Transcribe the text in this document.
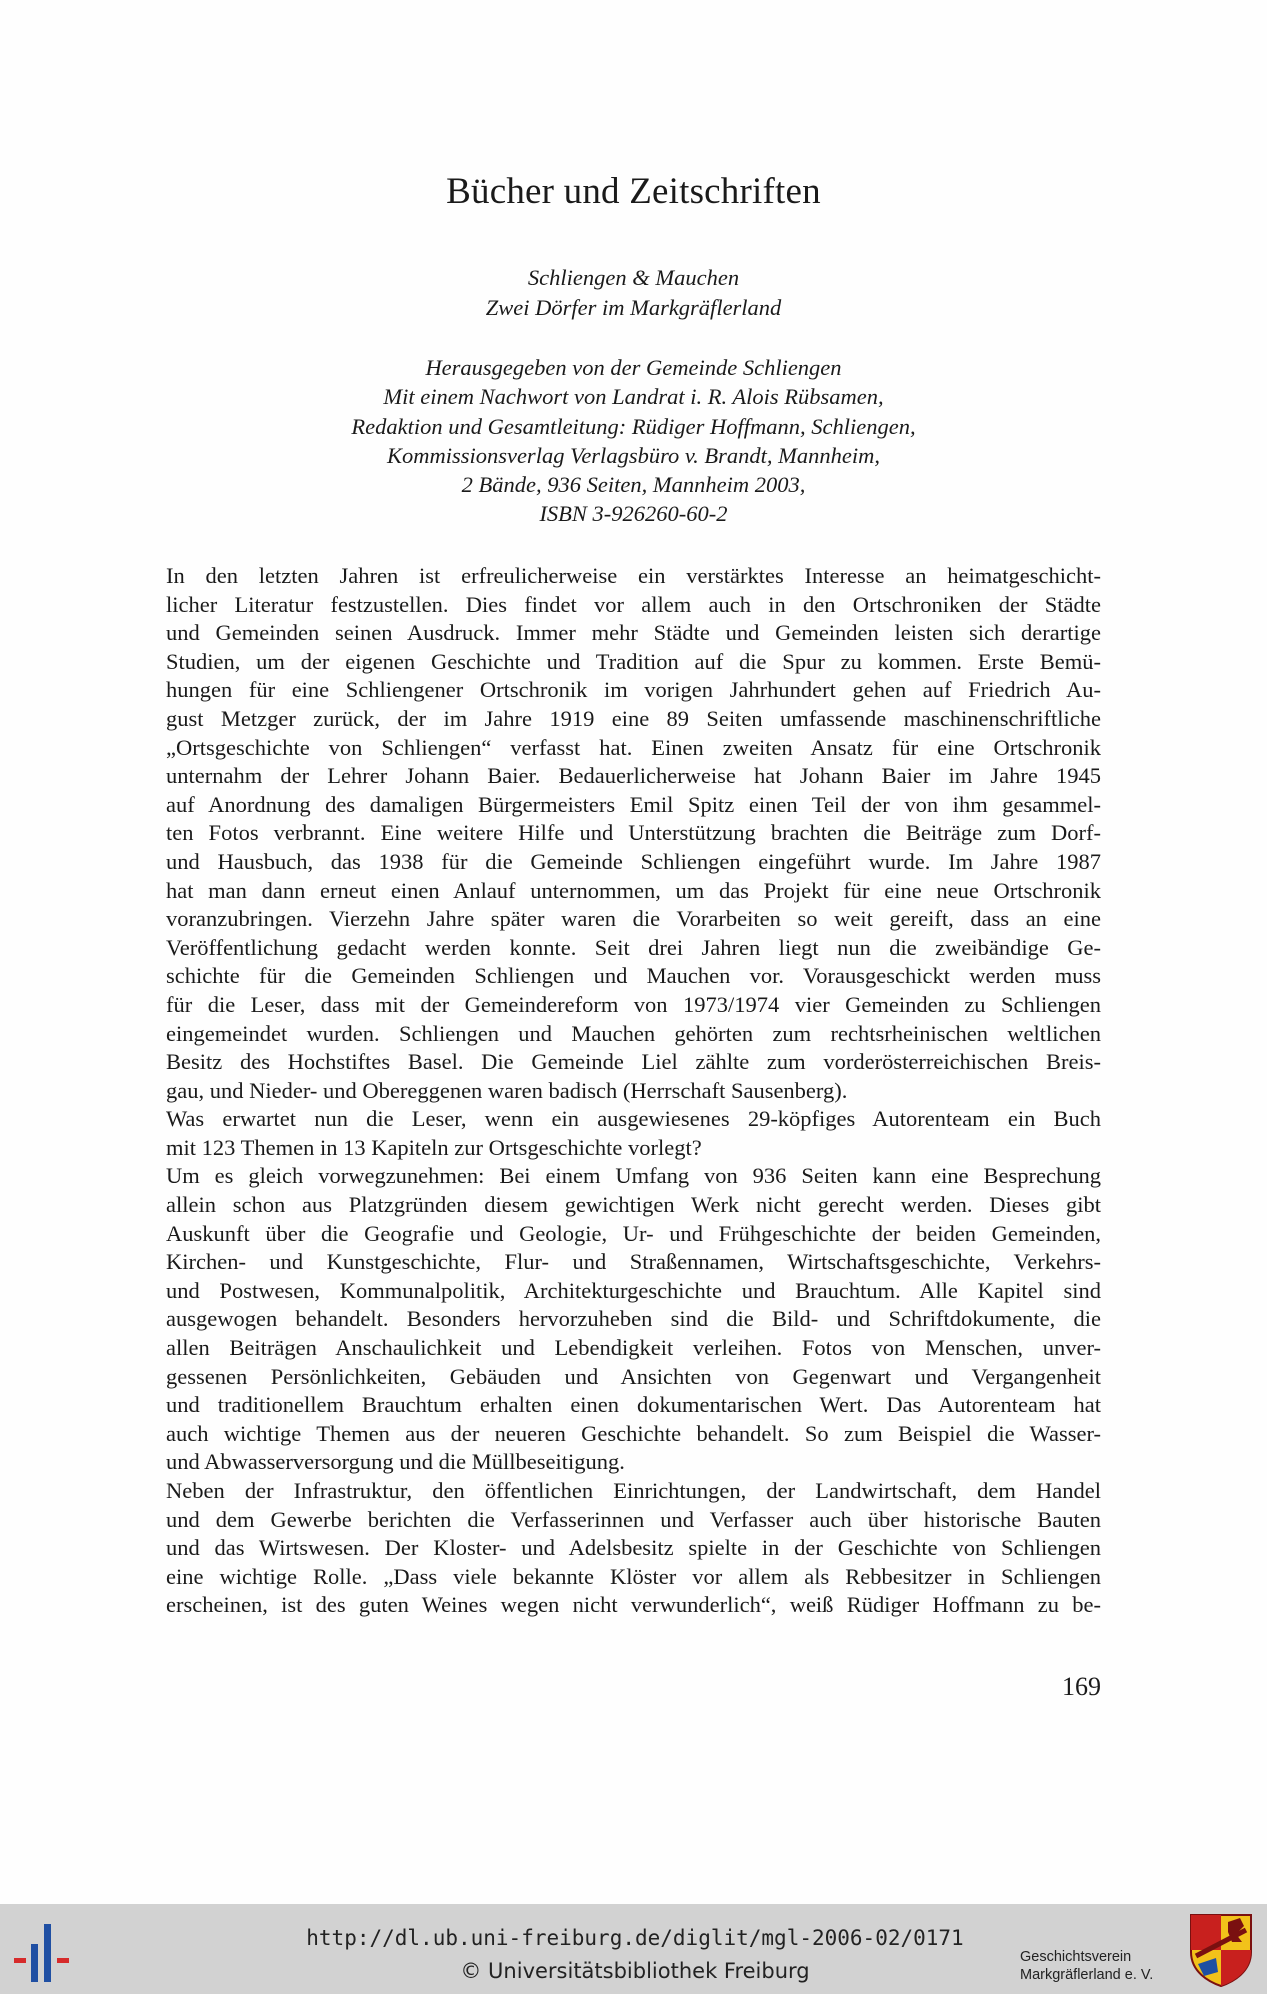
Bücher und Zeitschriften
Schliengen & Mauchen
Zwei Dörfer im Markgräflerland
Herausgegeben von der Gemeinde Schliengen
Mit einem Nachwort von Landrat i. R. Alois Rübsamen,
Redaktion und Gesamtleitung: Rüdiger Hoffmann, Schliengen,
Kommissionsverlag Verlagsbüro v. Brandt, Mannheim,
2 Bände, 936 Seiten, Mannheim 2003,
ISBN 3-926260-60-2
In den letzten Jahren ist erfreulicherweise ein verstärktes Interesse an heimatgeschicht-
licher Literatur festzustellen. Dies findet vor allem auch in den Ortschroniken der Städte
und Gemeinden seinen Ausdruck. Immer mehr Städte und Gemeinden leisten sich derartige
Studien, um der eigenen Geschichte und Tradition auf die Spur zu kommen. Erste Bemü-
hungen für eine Schliengener Ortschronik im vorigen Jahrhundert gehen auf Friedrich Au-
gust Metzger zurück, der im Jahre 1919 eine 89 Seiten umfassende maschinenschriftliche
„Ortsgeschichte von Schliengen“ verfasst hat. Einen zweiten Ansatz für eine Ortschronik
unternahm der Lehrer Johann Baier. Bedauerlicherweise hat Johann Baier im Jahre 1945
auf Anordnung des damaligen Bürgermeisters Emil Spitz einen Teil der von ihm gesammel-
ten Fotos verbrannt. Eine weitere Hilfe und Unterstützung brachten die Beiträge zum Dorf-
und Hausbuch, das 1938 für die Gemeinde Schliengen eingeführt wurde. Im Jahre 1987
hat man dann erneut einen Anlauf unternommen, um das Projekt für eine neue Ortschronik
voranzubringen. Vierzehn Jahre später waren die Vorarbeiten so weit gereift, dass an eine
Veröffentlichung gedacht werden konnte. Seit drei Jahren liegt nun die zweibändige Ge-
schichte für die Gemeinden Schliengen und Mauchen vor. Vorausgeschickt werden muss
für die Leser, dass mit der Gemeindereform von 1973/1974 vier Gemeinden zu Schliengen
eingemeindet wurden. Schliengen und Mauchen gehörten zum rechtsrheinischen weltlichen
Besitz des Hochstiftes Basel. Die Gemeinde Liel zählte zum vorderösterreichischen Breis-
gau, und Nieder- und Obereggenen waren badisch (Herrschaft Sausenberg).
Was erwartet nun die Leser, wenn ein ausgewiesenes 29-köpfiges Autorenteam ein Buch
mit 123 Themen in 13 Kapiteln zur Ortsgeschichte vorlegt?
Um es gleich vorwegzunehmen: Bei einem Umfang von 936 Seiten kann eine Besprechung
allein schon aus Platzgründen diesem gewichtigen Werk nicht gerecht werden. Dieses gibt
Auskunft über die Geografie und Geologie, Ur- und Frühgeschichte der beiden Gemeinden,
Kirchen- und Kunstgeschichte, Flur- und Straßennamen, Wirtschaftsgeschichte, Verkehrs-
und Postwesen, Kommunalpolitik, Architekturgeschichte und Brauchtum. Alle Kapitel sind
ausgewogen behandelt. Besonders hervorzuheben sind die Bild- und Schriftdokumente, die
allen Beiträgen Anschaulichkeit und Lebendigkeit verleihen. Fotos von Menschen, unver-
gessenen Persönlichkeiten, Gebäuden und Ansichten von Gegenwart und Vergangenheit
und traditionellem Brauchtum erhalten einen dokumentarischen Wert. Das Autorenteam hat
auch wichtige Themen aus der neueren Geschichte behandelt. So zum Beispiel die Wasser-
und Abwasserversorgung und die Müllbeseitigung.
Neben der Infrastruktur, den öffentlichen Einrichtungen, der Landwirtschaft, dem Handel
und dem Gewerbe berichten die Verfasserinnen und Verfasser auch über historische Bauten
und das Wirtswesen. Der Kloster- und Adelsbesitz spielte in der Geschichte von Schliengen
eine wichtige Rolle. „Dass viele bekannte Klöster vor allem als Rebbesitzer in Schliengen
erscheinen, ist des guten Weines wegen nicht verwunderlich“, weiß Rüdiger Hoffmann zu be-
169
http://dl.ub.uni-freiburg.de/diglit/mgl-2006-02/0171
© Universitätsbibliothek Freiburg
Geschichtsverein
Markgräflerland e. V.
